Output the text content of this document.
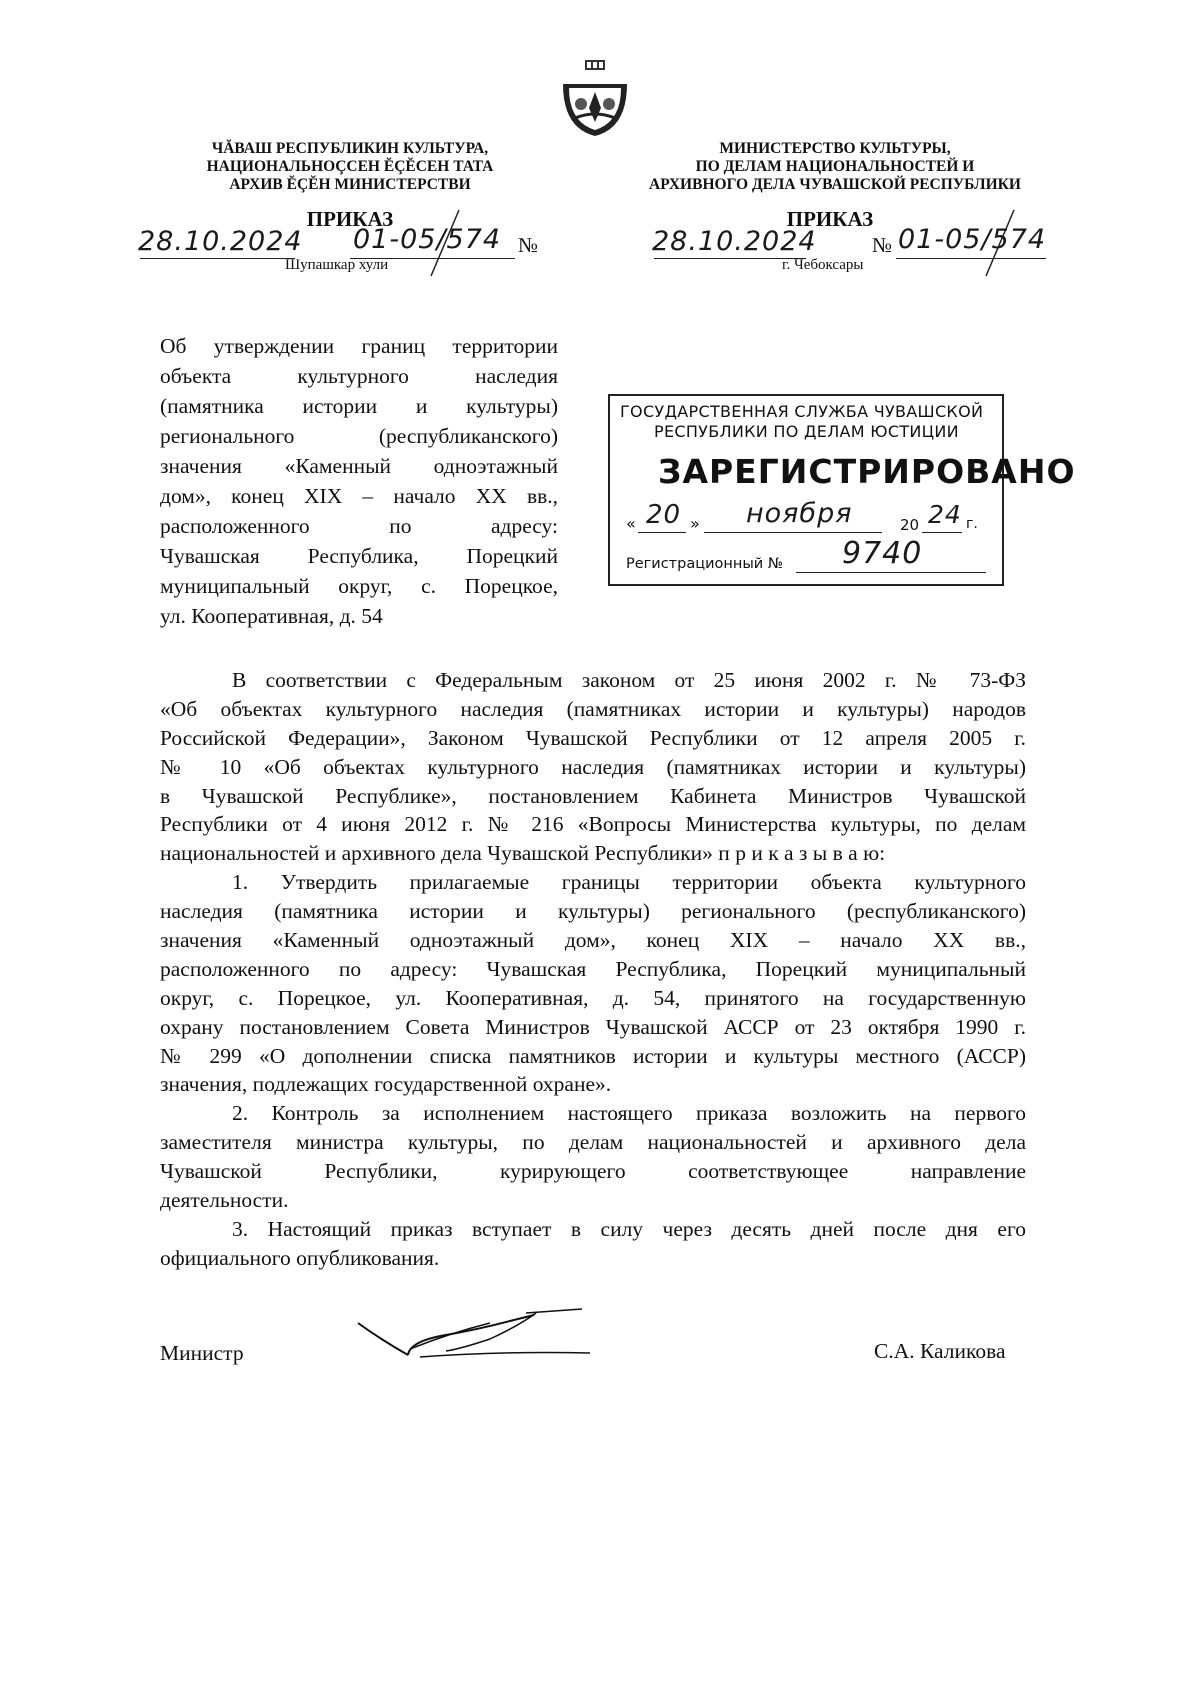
ЧĂВАШ РЕСПУБЛИКИН КУЛЬТУРА,
НАЦИОНАЛЬНОÇСЕН ĔÇĔСЕН ТАТА
АРХИВ ĔÇĔН МИНИСТЕРСТВИ
МИНИСТЕРСТВО КУЛЬТУРЫ,
ПО ДЕЛАМ НАЦИОНАЛЬНОСТЕЙ И
АРХИВНОГО ДЕЛА ЧУВАШСКОЙ РЕСПУБЛИКИ
ПРИКАЗ
28.10.2024 01-05/574 №
Шупашкар хули
ПРИКАЗ
28.10.2024	№ 01-05/574
г. Чебоксары
Об утверждении границ территории
объекта культурного наследия
(памятника истории и культуры)
регионального (республиканского)
значения «Каменный одноэтажный
дом», конец XIX – начало XX вв.,
расположенного по адресу:
Чувашская Республика, Порецкий
муниципальный округ, с. Порецкое,
ул. Кооперативная, д. 54
ГОСУДАРСТВЕННАЯ СЛУЖБА ЧУВАШСКОЙ
РЕСПУБЛИКИ ПО ДЕЛАМ ЮСТИЦИИ
ЗАРЕГИСТРИРОВАНО
« 20 » ноября	20 24 г.
Регистрационный № 9740
В соответствии с Федеральным законом от 25 июня 2002 г. № 73-ФЗ
«Об объектах культурного наследия (памятниках истории и культуры) народов
Российской Федерации», Законом Чувашской Республики от 12 апреля 2005 г.
№ 10 «Об объектах культурного наследия (памятниках истории и культуры)
в Чувашской Республике», постановлением Кабинета Министров Чувашской
Республики от 4 июня 2012 г. № 216 «Вопросы Министерства культуры, по делам
национальностей и архивного дела Чувашской Республики» п р и к а з ы в а ю:
1. Утвердить прилагаемые границы территории объекта культурного
наследия (памятника истории и культуры) регионального (республиканского)
значения «Каменный одноэтажный дом», конец XIX – начало XX вв.,
расположенного по адресу: Чувашская Республика, Порецкий муниципальный
округ, с. Порецкое, ул. Кооперативная, д. 54, принятого на государственную
охрану постановлением Совета Министров Чувашской АССР от 23 октября 1990 г.
№ 299 «О дополнении списка памятников истории и культуры местного (АССР)
значения, подлежащих государственной охране».
2. Контроль за исполнением настоящего приказа возложить на первого
заместителя министра культуры, по делам национальностей и архивного дела
Чувашской Республики, курирующего соответствующее направление
деятельности.
3. Настоящий приказ вступает в силу через десять дней после дня его
официального опубликования.
Министр	С.А. Каликова
